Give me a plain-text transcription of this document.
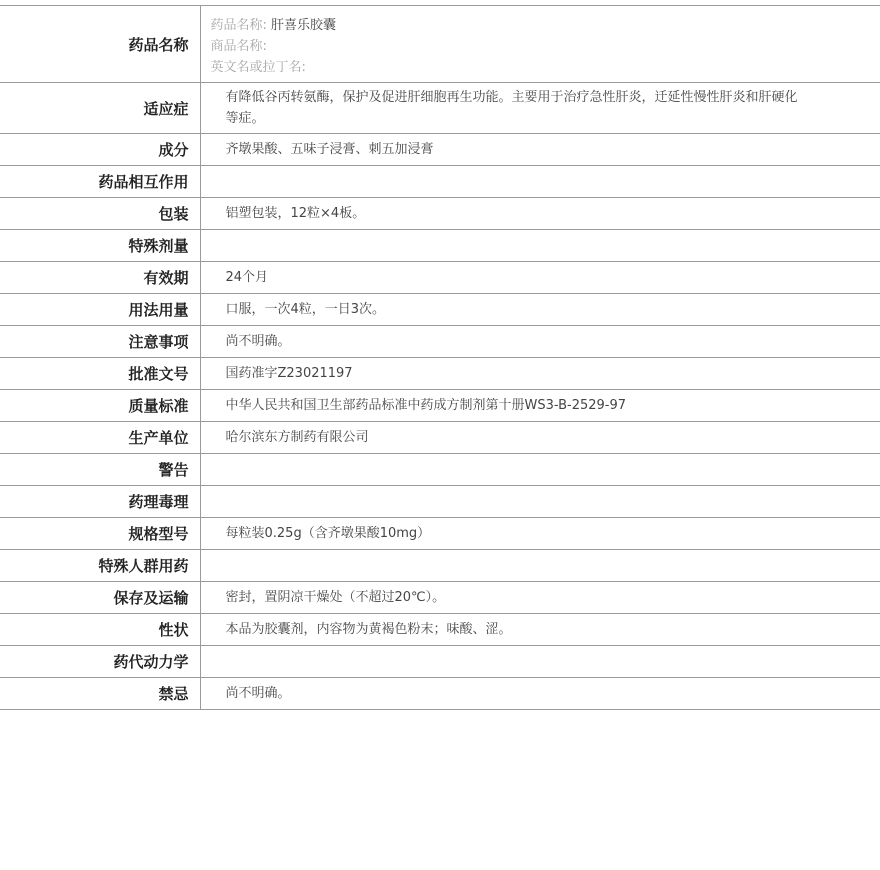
药品名称	药品名称: 肝喜乐胶囊
商品名称:
英文名或拉丁名:

适应症	有降低谷丙转氨酶，保护及促进肝细胞再生功能。主要用于治疗急性肝炎，迁延性慢性肝炎和肝硬化等症。
成分	齐墩果酸、五味子浸膏、刺五加浸膏
药品相互作用	
包装	铝塑包装，12粒×4板。
特殊剂量	
有效期	24个月
用法用量	口服，一次4粒，一日3次。
注意事项	尚不明确。
批准文号	国药准字Z23021197
质量标准	中华人民共和国卫生部药品标准中药成方制剂第十册WS3-B-2529-97
生产单位	哈尔滨东方制药有限公司
警告	
药理毒理	
规格型号	每粒装0.25g（含齐墩果酸10mg）
特殊人群用药	
保存及运输	密封，置阴凉干燥处（不超过20℃）。
性状	本品为胶囊剂，内容物为黄褐色粉末；味酸、涩。
药代动力学	
禁忌	尚不明确。
